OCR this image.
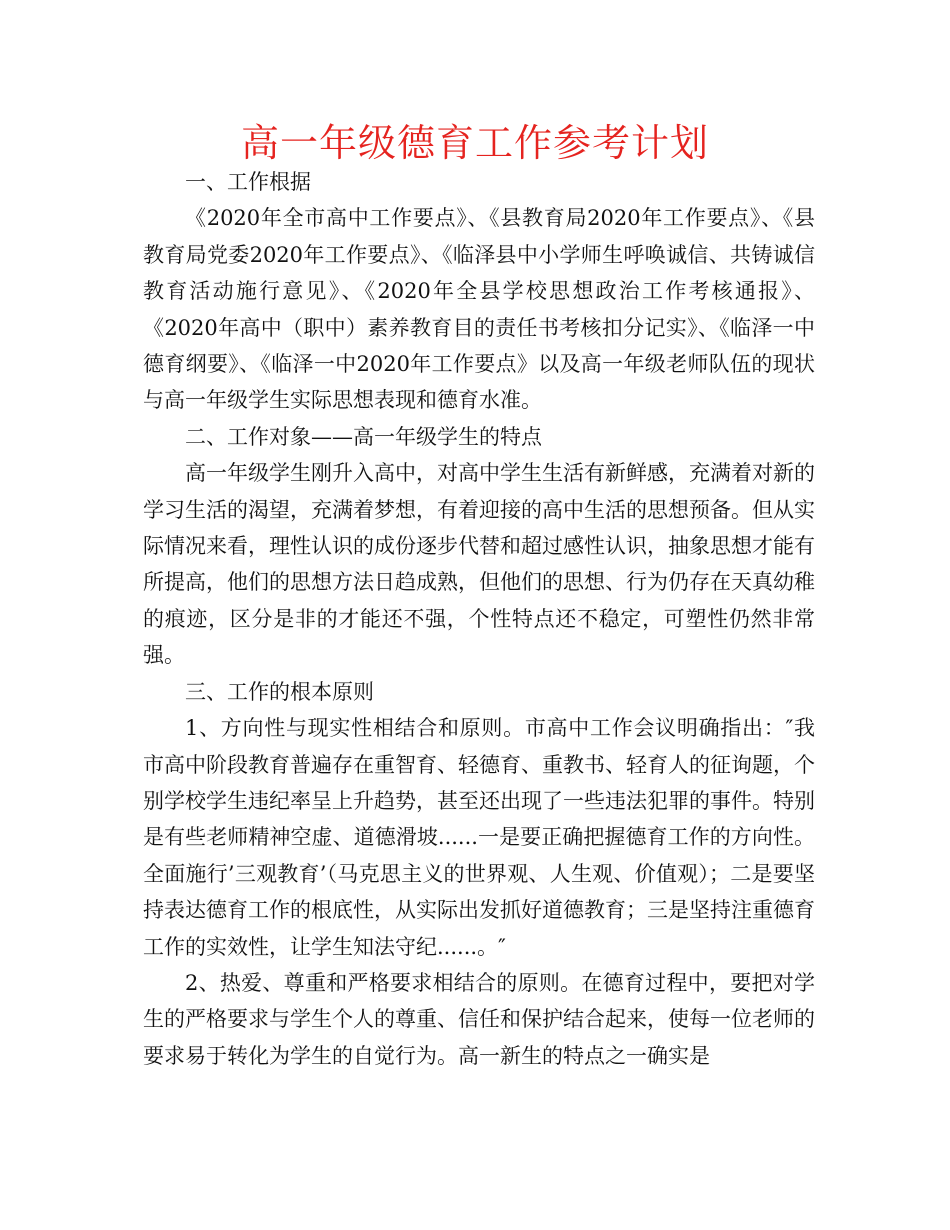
高一年级德育工作参考计划

一、工作根据

《2020年全市高中工作要点》、《县教育局2020年工作要点》、《县教育局党委2020年工作要点》、《临泽县中小学师生呼唤诚信、共铸诚信教育活动施行意见》、《2020年全县学校思想政治工作考核通报》、《2020年高中（职中）素养教育目的责任书考核扣分记实》、《临泽一中德育纲要》、《临泽一中2020年工作要点》以及高一年级老师队伍的现状与高一年级学生实际思想表现和德育水准。

二、工作对象——高一年级学生的特点

高一年级学生刚升入高中，对高中学生生活有新鲜感，充满着对新的学习生活的渴望，充满着梦想，有着迎接的高中生活的思想预备。但从实际情况来看，理性认识的成份逐步代替和超过感性认识，抽象思想才能有所提高，他们的思想方法日趋成熟，但他们的思想、行为仍存在天真幼稚的痕迹，区分是非的才能还不强，个性特点还不稳定，可塑性仍然非常强。

三、工作的根本原则

1、方向性与现实性相结合和原则。市高中工作会议明确指出：″我市高中阶段教育普遍存在重智育、轻德育、重教书、轻育人的征询题，个别学校学生违纪率呈上升趋势，甚至还出现了一些违法犯罪的事件。特别是有些老师精神空虚、道德滑坡......一是要正确把握德育工作的方向性。全面施行’三观教育’（马克思主义的世界观、人生观、价值观）；二是要坚持表达德育工作的根底性，从实际出发抓好道德教育；三是坚持注重德育工作的实效性，让学生知法守纪......。″

2、热爱、尊重和严格要求相结合的原则。在德育过程中，要把对学生的严格要求与学生个人的尊重、信任和保护结合起来，使每一位老师的要求易于转化为学生的自觉行为。高一新生的特点之一确实是
